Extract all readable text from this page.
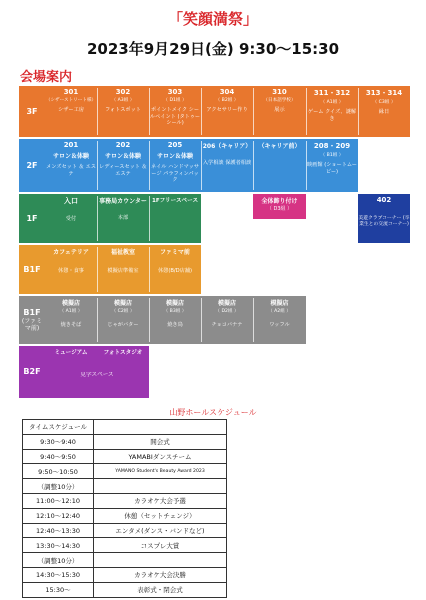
「笑顔満祭」
2023年9月29日(金) 9:30〜15:30
会場案内
3F
301
（シザーストリート様）
シザー工房
302
（ A3組 ）
フォトスポット
303
（ D1組 ）
ポイントメイク シールペイント (タトゥーシール)
304
（ B2組 ）
アクセサリー作り
310
（日本語学校）
展示
311・312
（ A1組 ）
ゲーム クイズ、謎解き
313・314
（ C3組 ）
縁日
2F
201
サロン＆体験
メンズセット ＆ エステ
202
サロン＆体験
レディースセット ＆ エステ
205
サロン＆体験
ネイル ハンドマッサージ パラフィンパック
206（キャリア）
入学相談 保護者相談
（キャリア前）	208・209
（ B1組 ）
映画館 (ショートムービー)
1F
入口
受付
事務局カウンター
本部
1Fフリースペース	全体飾り付け
（ D3組 ）
402
美遊クラブコーナー (卒業生との交流コーナー)
B1F
カフェテリア
休憩・食事
福祉教室
模擬店準備室
ファミマ前
休憩(B/D店舗)
B1F
(ファミマ前)
模擬店
（ A1組 ）
焼きそば
模擬店
（ C2組 ）
じゃがバター
模擬店
（ B3組 ）
焼き鳥
模擬店
（ D2組 ）
チョコバナナ
模擬店
（ A2組 ）
ワッフル
B2F
ミュージアム	フォトスタジオ
見学スペース
山野ホールスケジュール
タイムスケジュール	
9:30〜9:40	開会式
9:40〜9:50	YAMABIダンスチーム
9:50〜10:50	YAMANO Student's Beauty Award 2023
（調整10分）	
11:00〜12:10	カラオケ大会予選
12:10〜12:40	休憩（セットチェンジ）
12:40〜13:30	エンタメ(ダンス・バンドなど)
13:30〜14:30	コスプレ大賞
（調整10分）	
14:30〜15:30	カラオケ大会決勝
15:30〜	表彰式・閉会式
